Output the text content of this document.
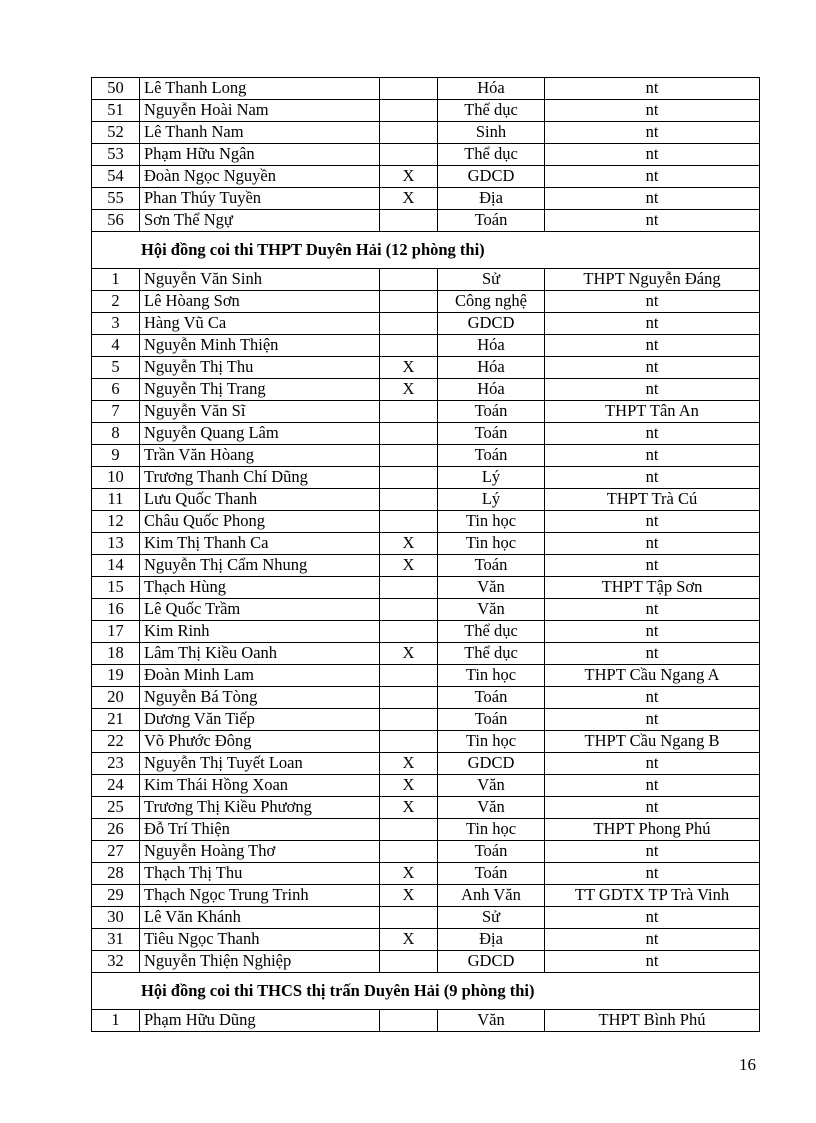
50	Lê Thanh Long		Hóa	nt
51	Nguyễn Hoài Nam		Thể dục	nt
52	Lê Thanh Nam		Sinh	nt
53	Phạm Hữu Ngân		Thể dục	nt
54	Đoàn Ngọc Nguyền	X	GDCD	nt
55	Phan Thúy Tuyền	X	Địa	nt
56	Sơn Thể Ngự		Toán	nt
Hội đồng coi thi THPT Duyên Hải (12 phòng thi)				
1	Nguyễn Văn Sinh		Sử	THPT Nguyễn Đáng
2	Lê Hòang Sơn		Công nghệ	nt
3	Hàng Vũ Ca		GDCD	nt
4	Nguyễn Minh Thiện		Hóa	nt
5	Nguyễn Thị Thu	X	Hóa	nt
6	Nguyễn Thị Trang	X	Hóa	nt
7	Nguyễn Văn Sĩ		Toán	THPT Tân An
8	Nguyễn Quang Lâm		Toán	nt
9	Trần Văn Hòang		Toán	nt
10	Trương Thanh Chí Dũng		Lý	nt
11	Lưu Quốc Thanh		Lý	THPT Trà Cú
12	Châu Quốc Phong		Tin học	nt
13	Kim Thị Thanh Ca	X	Tin học	nt
14	Nguyễn Thị Cẩm Nhung	X	Toán	nt
15	Thạch Hùng		Văn	THPT Tập Sơn
16	Lê Quốc Trầm		Văn	nt
17	Kim Rinh		Thể dục	nt
18	Lâm Thị Kiều Oanh	X	Thể dục	nt
19	Đoàn Minh Lam		Tin học	THPT Cầu Ngang A
20	Nguyễn Bá Tòng		Toán	nt
21	Dương Văn Tiếp		Toán	nt
22	Võ Phước Đông		Tin học	THPT Cầu Ngang B
23	Nguyễn Thị Tuyết Loan	X	GDCD	nt
24	Kim Thái Hồng Xoan	X	Văn	nt
25	Trương Thị Kiều Phương	X	Văn	nt
26	Đỗ Trí Thiện		Tin học	THPT Phong Phú
27	Nguyễn Hoàng Thơ		Toán	nt
28	Thạch Thị Thu	X	Toán	nt
29	Thạch Ngọc Trung Trinh	X	Anh Văn	TT GDTX TP Trà Vinh
30	Lê Văn Khánh		Sử	nt
31	Tiêu Ngọc Thanh	X	Địa	nt
32	Nguyễn Thiện Nghiệp		GDCD	nt
Hội đồng coi thi THCS thị trấn Duyên Hải (9 phòng thi)				
1	Phạm Hữu Dũng		Văn	THPT Bình Phú
16
